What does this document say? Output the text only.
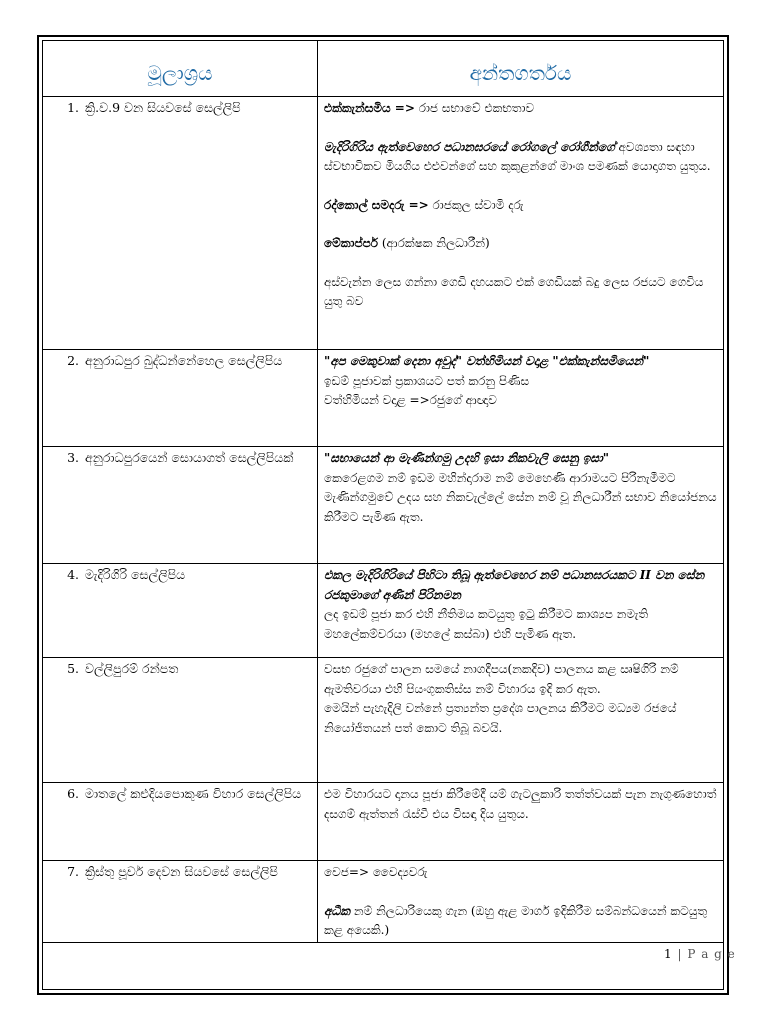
මූලාශ්‍රය	අන්තගර්තය
1. ක්‍රි.ව.9 වන සියවසේ සෙල්ලිපි	එක්කැන්සමිය => රාජ සභාවේ එකභතාව
මැදිරිගිරිය ඇත්වෙහෙර පධානඝරයේ රෝගලේ රෝගීන්ගේ අවශ්‍යතා සඳහා ස්වභාවිකව මියගිය එළුවන්ගේ සහ කුකුළන්ගේ මාංශ පමණක් යොදාගත යුතුය.
රද්කොල් සමදරු => රාජකුල ස්වාමි දරු
මේකාප්පර් (ආරක්ෂක නිලධාරීන්)
අස්වැන්න ලෙස ගන්නා ගෙඩි දහයකට එක් ගෙඩියක් බදු ලෙස රජයට ගෙවිය යුතු බව

2. අනුරාධපුර බුද්ධන්නේහෙල සෙල්ලිපිය	"අප මෙකුවාක් දෙනා අවුද්" වත්හිමියන් වදාළ "එක්කැන්සමියෙන්"
ඉඩම් පූජාවක් ප්‍රකාශයට පත් කරනු පිණිස
වත්හිමියන් වදාළ =>රජුගේ ආඥාව

3. අනුරාධපුරයෙන් සොයාගත් සෙල්ලිපියක්	"සභායෙන් ආ මැණින්ගමු උදහි ඉසා නිකවැලි සෙනු ඉසා"
කෙරෙළගම නම් ඉඩම මහින්දාරාම නම් මෙහෙණි ආරාමයට පිරිනැමීමට මැණින්ගමුවේ උදය සහ නිකවැල්ලේ සේන නම් වූ නිලධාරීන් සභාව නියෝජනය කිරීමට පැමිණ ඇත.

4. මැදිරිගිරි සෙල්ලිපිය	එකල මැදිරිගිරියේ පිහිටා තිබූ ඇත්වෙහෙර නම් පධානඝරයකට II වන සේන රජකුමාගේ අණින් පිරිනමන
ලද ඉඩම් පූජා කර එහි නීතිමය කටයුතු ඉටු කිරීමට කාශ්‍යප නමැති මහලේකම්වරයා (මහලේ කස්බා) එහි පැමිණ ඇත.

5. වල්ලිපුරම් රන්පත	වසභ රජුගේ පාලන සමයේ නාගදීපය(නකදිව) පාලනය කළ ඍෂිගිරි නම් ඇමතිවරයා එහි පියංගුකතිස්ස නම් විහාරය ඉදි කර ඇත.
මෙයින් පැහැදිලි වන්නේ ප්‍රත්‍යන්ත ප්‍රදේශ පාලනය කිරීමට මධ්‍යම රජයේ නියෝජිතයන් පත් කොට තිබූ බවයි.

6. මාතලේ කළුදියපොකුණ විහාර සෙල්ලිපිය	එම විහාරයට දානය පූජා කිරීමේදී යම් ගැටලුකාරි තත්ත්වයක් පැන නැගුණහොත් දසගම් ඇත්තන් රැස්වී එය විසඳා දිය යුතුය.

7. ක්‍රිස්තු පූර්ව දෙවන සියවසේ සෙල්ලිපි	වෙජ=> වෛද්‍යවරු
අධීක නම් නිලධාරියෙකු ගැන (ඔහු ඇළ මාගර් ඉදිකිරීම සම්බන්ධයෙන් කටයුතු කළ අයෙකි.)
1 | P a g e
